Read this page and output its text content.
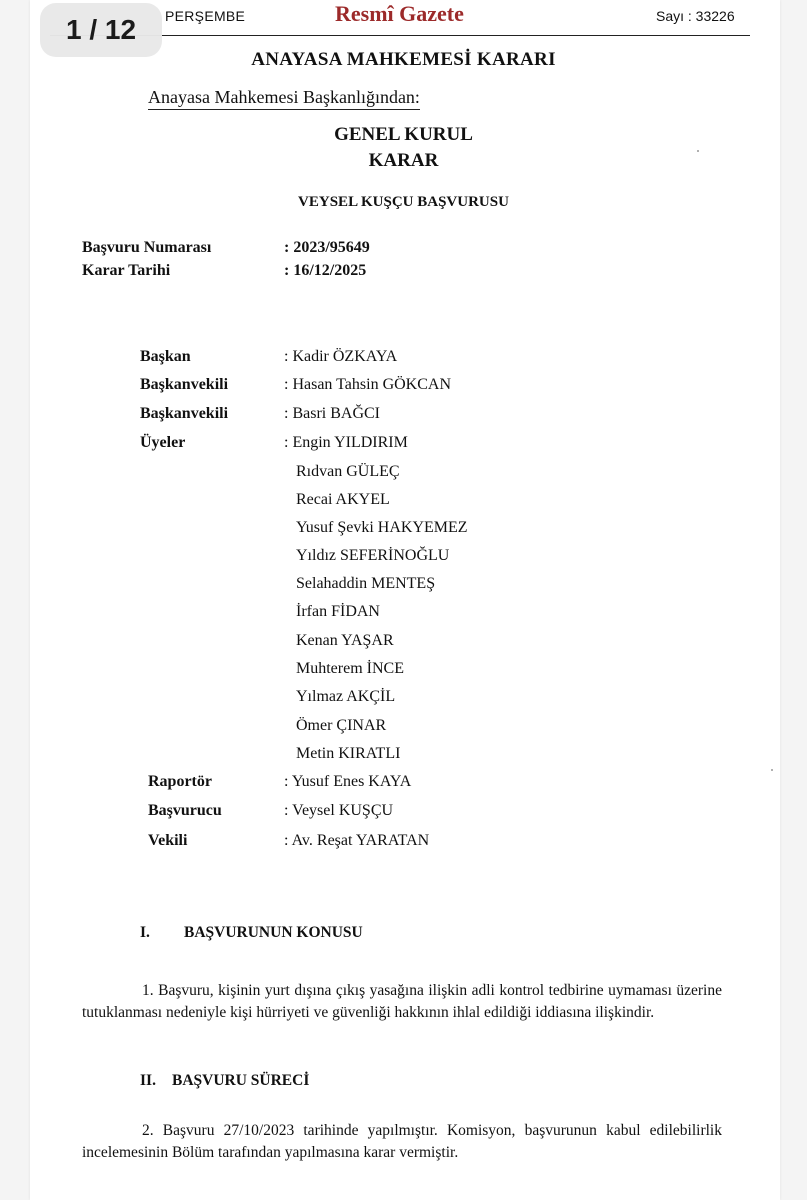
PERŞEMBE	Resmî Gazete	Sayı : 33226
1 / 12
ANAYASA MAHKEMESİ KARARI
Anayasa Mahkemesi Başkanlığından:
GENEL KURUL
KARAR
VEYSEL KUŞÇU BAŞVURUSU
Başvuru Numarası	: 2023/95649
Karar Tarihi	: 16/12/2025
Başkan	: Kadir ÖZKAYA
Başkanvekili	: Hasan Tahsin GÖKCAN
Başkanvekili	: Basri BAĞCI
Üyeler	: Engin YILDIRIM
Rıdvan GÜLEÇ
Recai AKYEL
Yusuf Şevki HAKYEMEZ
Yıldız SEFERİNOĞLU
Selahaddin MENTEŞ
İrfan FİDAN
Kenan YAŞAR
Muhterem İNCE
Yılmaz AKÇİL
Ömer ÇINAR
Metin KIRATLI
Raportör	: Yusuf Enes KAYA
Başvurucu	: Veysel KUŞÇU
Vekili	: Av. Reşat YARATAN
I. BAŞVURUNUN KONUSU
1. Başvuru, kişinin yurt dışına çıkış yasağına ilişkin adli kontrol tedbirine uymaması üzerine tutuklanması nedeniyle kişi hürriyeti ve güvenliği hakkının ihlal edildiği iddiasına ilişkindir.
II. BAŞVURU SÜRECİ
2. Başvuru 27/10/2023 tarihinde yapılmıştır. Komisyon, başvurunun kabul edilebilirlik incelemesinin Bölüm tarafından yapılmasına karar vermiştir.
